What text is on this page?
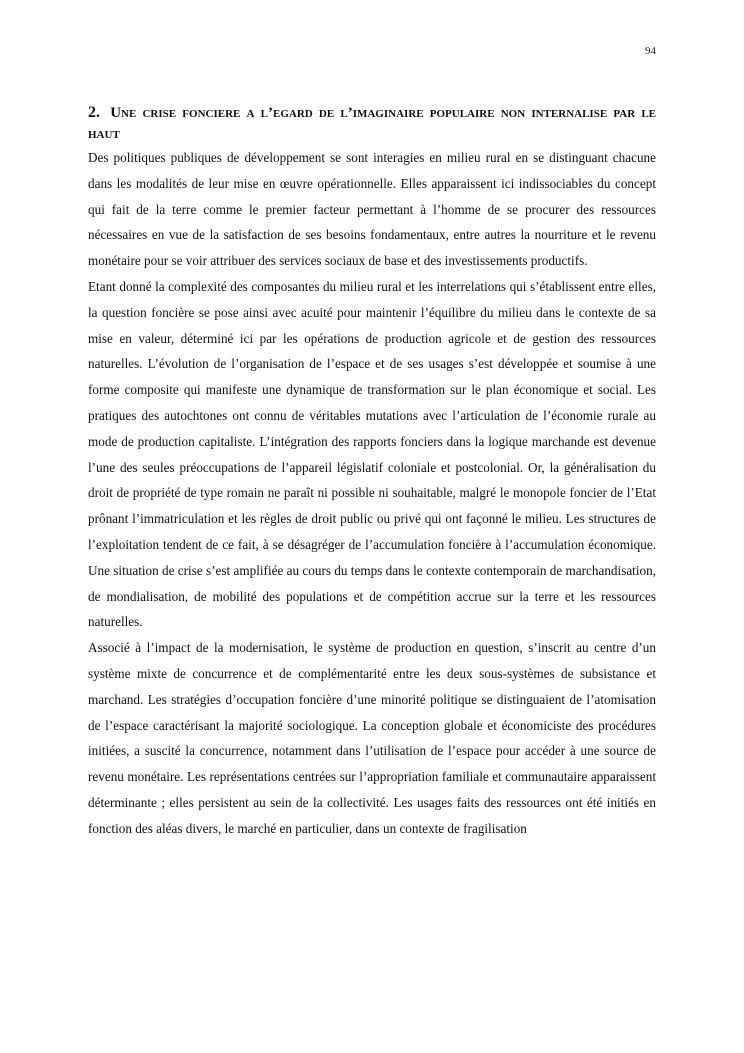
94
2. Une crise fonciere a l’egard de l’imaginaire populaire non internalise par le haut

Des politiques publiques de développement se sont interagies en milieu rural en se distinguant chacune dans les modalités de leur mise en œuvre opérationnelle. Elles apparaissent ici indissociables du concept qui fait de la terre comme le premier facteur permettant à l’homme de se procurer des ressources nécessaires en vue de la satisfaction de ses besoins fondamentaux, entre autres la nourriture et le revenu monétaire pour se voir attribuer des services sociaux de base et des investissements productifs.

Etant donné la complexité des composantes du milieu rural et les interrelations qui s’établissent entre elles, la question foncière se pose ainsi avec acuité pour maintenir l’équilibre du milieu dans le contexte de sa mise en valeur, déterminé ici par les opérations de production agricole et de gestion des ressources naturelles. L’évolution de l’organisation de l’espace et de ses usages s’est développée et soumise à une forme composite qui manifeste une dynamique de transformation sur le plan économique et social. Les pratiques des autochtones ont connu de véritables mutations avec l’articulation de l’économie rurale au mode de production capitaliste. L’intégration des rapports fonciers dans la logique marchande est devenue l’une des seules préoccupations de l’appareil législatif coloniale et postcolonial. Or, la généralisation du droit de propriété de type romain ne paraît ni possible ni souhaitable, malgré le monopole foncier de l’Etat prônant l’immatriculation et les règles de droit public ou privé qui ont façonné le milieu. Les structures de l’exploitation tendent de ce fait, à se désagréger de l’accumulation foncière à l’accumulation économique. Une situation de crise s’est amplifiée au cours du temps dans le contexte contemporain de marchandisation, de mondialisation, de mobilité des populations et de compétition accrue sur la terre et les ressources naturelles.

Associé à l’impact de la modernisation, le système de production en question, s’inscrit au centre d’un système mixte de concurrence et de complémentarité entre les deux sous-systèmes de subsistance et marchand. Les stratégies d’occupation foncière d’une minorité politique se distinguaient de l’atomisation de l’espace caractérisant la majorité sociologique. La conception globale et économiciste des procédures initiées, a suscité la concurrence, notamment dans l’utilisation de l’espace pour accéder à une source de revenu monétaire. Les représentations centrées sur l’appropriation familiale et communautaire apparaissent déterminante ; elles persistent au sein de la collectivité. Les usages faits des ressources ont été initiés en fonction des aléas divers, le marché en particulier, dans un contexte de fragilisation
